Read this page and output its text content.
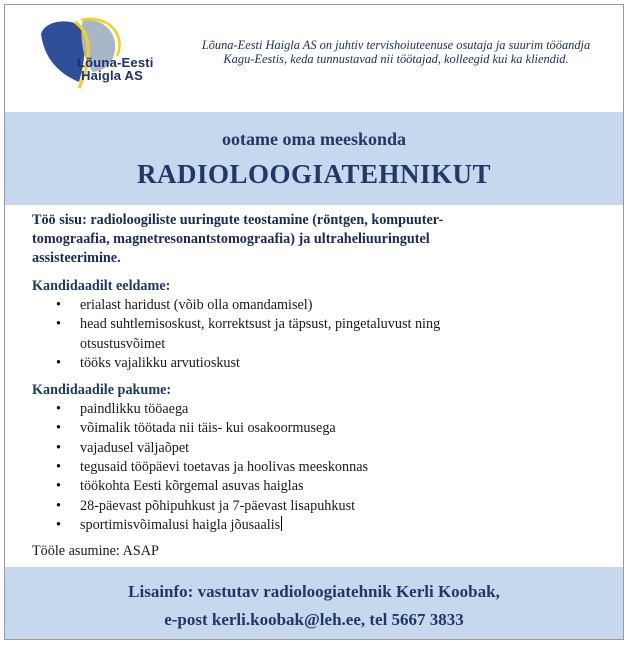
Lõuna-Eesti
Haigla AS
Lõuna-Eesti Haigla AS on juhtiv tervishoiuteenuse osutaja ja suurim tööandja Kagu-Eestis, keda tunnustavad nii töötajad, kolleegid kui ka kliendid.
ootame oma meeskonda
RADIOLOOGIATEHNIKUT

Töö sisu: radioloogiliste uuringute teostamine (röntgen, kompuuter-
tomograafia, magnetresonantstomograafia) ja ultraheliuuringutel
assisteerimine.

Kandidaadilt eeldame:

• erialast haridust (võib olla omandamisel)
• head suhtlemisoskust, korrektsust ja täpsust, pingetaluvust ning
otsustusvõimet
• tööks vajalikku arvutioskust

Kandidaadile pakume:

• paindlikku tööaega
• võimalik töötada nii täis- kui osakoormusega
• vajadusel väljaõpet
• tegusaid tööpäevi toetavas ja hoolivas meeskonnas
• töökohta Eesti kõrgemal asuvas haiglas
• 28-päevast põhipuhkust ja 7-päevast lisapuhkust
• sportimisvõimalusi haigla jõusaalis
Tööle asumine: ASAP
Lisainfo: vastutav radioloogiatehnik Kerli Koobak,
e-post kerli.koobak@leh.ee, tel 5667 3833
